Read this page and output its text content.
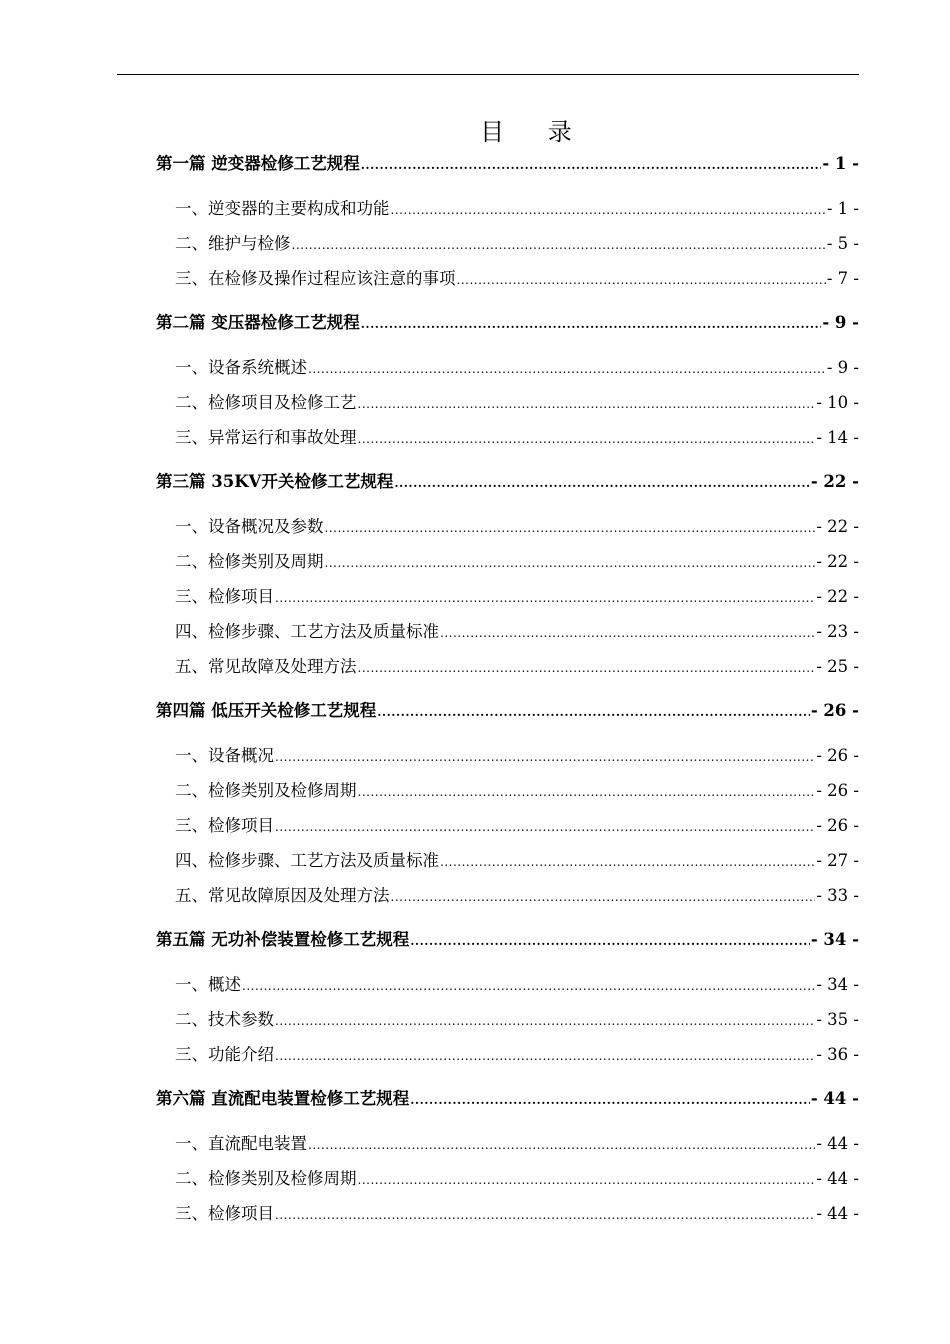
目 录
第一篇 逆变器检修工艺规程 .....	- 1 -
一、逆变器的主要构成和功能 .....	- 1 -
二、维护与检修 .....	- 5 -
三、在检修及操作过程应该注意的事项 .....	- 7 -
第二篇 变压器检修工艺规程 .....	- 9 -
一、设备系统概述 .....	- 9 -
二、检修项目及检修工艺 .....	- 10 -
三、异常运行和事故处理 .....	- 14 -
第三篇 35KV开关检修工艺规程 .....	- 22 -
一、设备概况及参数 .....	- 22 -
二、检修类别及周期 .....	- 22 -
三、检修项目 .....	- 22 -
四、检修步骤、工艺方法及质量标准 .....	- 23 -
五、常见故障及处理方法 .....	- 25 -
第四篇 低压开关检修工艺规程 .....	- 26 -
一、设备概况 .....	- 26 -
二、检修类别及检修周期 .....	- 26 -
三、检修项目 .....	- 26 -
四、检修步骤、工艺方法及质量标准 .....	- 27 -
五、常见故障原因及处理方法 .....	- 33 -
第五篇 无功补偿装置检修工艺规程 .....	- 34 -
一、概述 .....	- 34 -
二、技术参数 .....	- 35 -
三、功能介绍 .....	- 36 -
第六篇 直流配电装置检修工艺规程 .....	- 44 -
一、直流配电装置 .....	- 44 -
二、检修类别及检修周期 .....	- 44 -
三、检修项目 .....	- 44 -
